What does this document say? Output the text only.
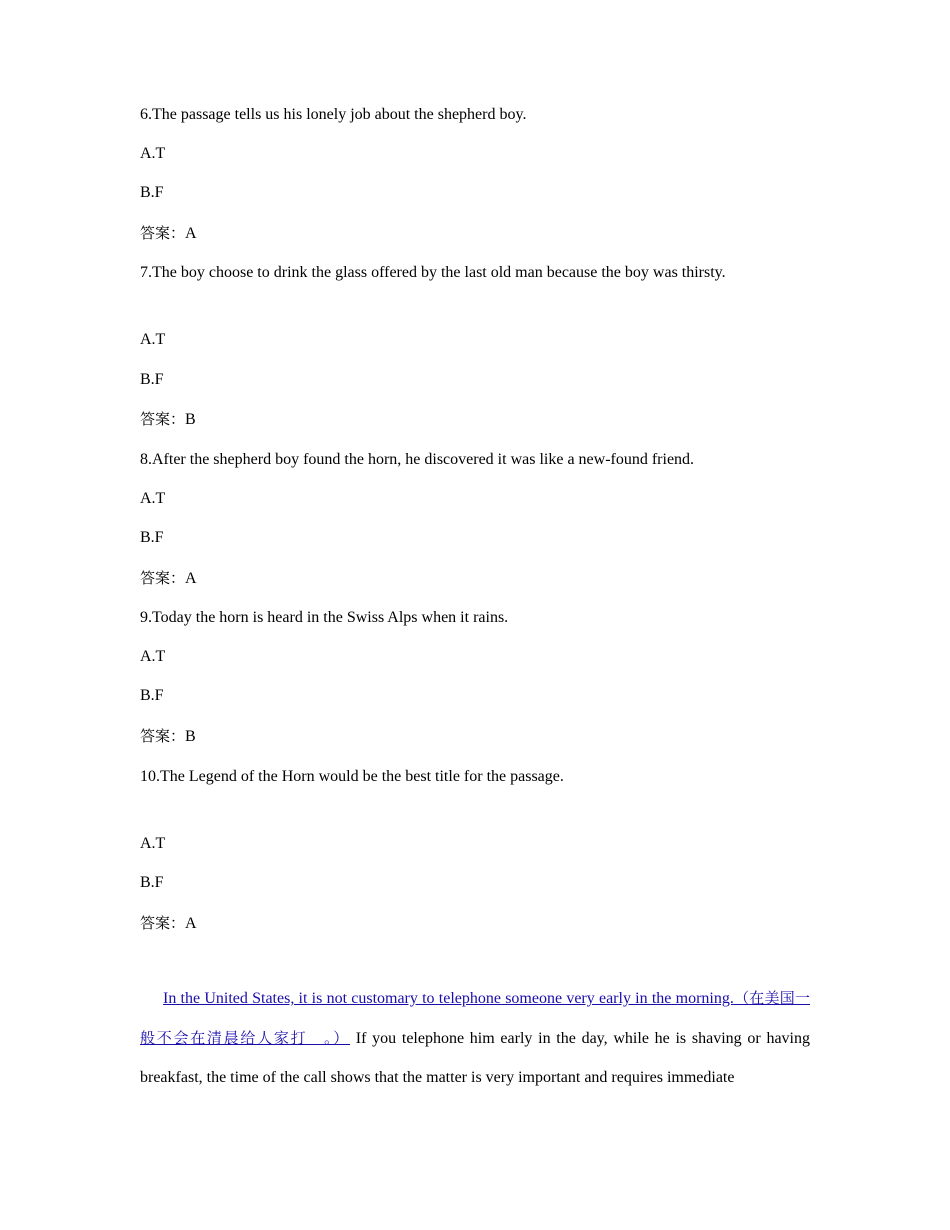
6.The passage tells us his lonely job about the shepherd boy.
A.T
B.F
答案：A
7.The boy choose to drink the glass offered by the last old man because the boy was thirsty.
A.T
B.F
答案：B
8.After the shepherd boy found the horn, he discovered it was like a new-found friend.
A.T
B.F
答案：A
9.Today the horn is heard in the Swiss Alps when it rains.
A.T
B.F
答案：B
10.The Legend of the Horn would be the best title for the passage.
A.T
B.F
答案：A
In the United States, it is not customary to telephone someone very early in the morning.（在美国一般不会在清晨给人家打　。） If you telephone him early in the day, while he is shaving or having breakfast, the time of the call shows that the matter is very important and requires immediate
